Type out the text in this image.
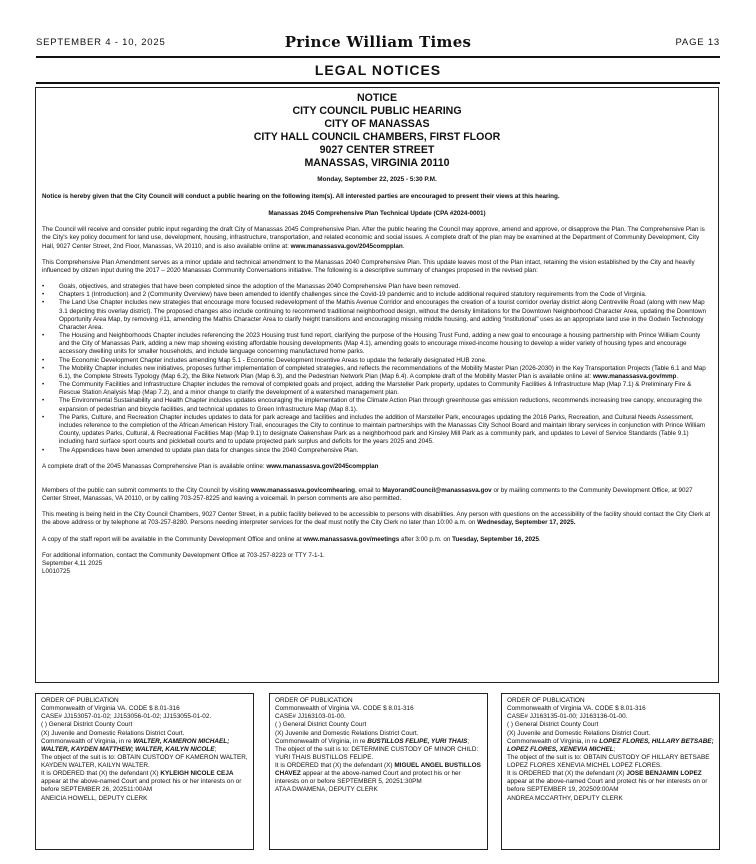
SEPTEMBER 4 - 10, 2025	Prince William Times	PAGE 13
LEGAL NOTICES
NOTICE
CITY COUNCIL PUBLIC HEARING
CITY OF MANASSAS
CITY HALL COUNCIL CHAMBERS, FIRST FLOOR
9027 CENTER STREET
MANASSAS, VIRGINIA 20110
Monday, September 22, 2025 - 5:30 P.M.

Notice is hereby given that the City Council will conduct a public hearing on the following item(s). All interested parties are encouraged to present their views at this hearing.

Manassas 2045 Comprehensive Plan Technical Update (CPA #2024-0001)

The Council will receive and consider public input regarding the draft City of Manassas 2045 Comprehensive Plan. After the public hearing the Council may approve, amend and approve, or disapprove the Plan. The Comprehensive Plan is the City's key policy document for land use, development, housing, infrastructure, transportation, and related economic and social issues. A complete draft of the plan may be examined at the Department of Community Development, City Hall, 9027 Center Street, 2nd Floor, Manassas, VA 20110, and is also available online at: www.manassasva.gov/2045compplan.

This Comprehensive Plan Amendment serves as a minor update and technical amendment to the Manassas 2040 Comprehensive Plan. This update leaves most of the Plan intact, retaining the vision established by the City and heavily influenced by citizen input during the 2017 – 2020 Manassas Community Conversations initiative. The following is a descriptive summary of changes proposed in the revised plan:

• Goals, objectives, and strategies that have been completed since the adoption of the Manassas 2040 Comprehensive Plan have been removed.
• Chapters 1 (Introduction) and 2 (Community Overview) have been amended to identify challenges since the Covid-19 pandemic and to include additional required statutory requirements from the Code of Virginia.
• The Land Use Chapter includes new strategies that encourage more focused redevelopment of the Mathis Avenue Corridor and encourages the creation of a tourist corridor overlay district along Centreville Road (along with new Map 3.1 depicting this overlay district). The proposed changes also include continuing to recommend traditional neighborhood design, without the density limitations for the Downtown Neighborhood Character Area, updating the Downtown Opportunity Area Map, by removing #11, amending the Mathis Character Area to clarify height transitions and encouraging missing middle housing, and adding “institutional” uses as an appropriate land use in the Godwin Technology Character Area.
• The Housing and Neighborhoods Chapter includes referencing the 2023 Housing trust fund report, clarifying the purpose of the Housing Trust Fund, adding a new goal to encourage a housing partnership with Prince William County and the City of Manassas Park, adding a new map showing existing affordable housing developments (Map 4.1), amending goals to encourage mixed-income housing to develop a wider variety of housing types and encourage accessory dwelling units for smaller households, and include language concerning manufactured home parks.
• The Economic Development Chapter includes amending Map 5.1 - Economic Development Incentive Areas to update the federally designated HUB zone.
• The Mobility Chapter includes new initiatives, proposes further implementation of completed strategies, and reflects the recommendations of the Mobility Master Plan (2026-2030) in the Key Transportation Projects (Table 6.1 and Map 6.1), the Complete Streets Typology (Map 6.2), the Bike Network Plan (Map 6.3), and the Pedestrian Network Plan (Map 6.4). A complete draft of the Mobility Master Plan is available online at: www.manassasva.gov/mmp.
• The Community Facilities and Infrastructure Chapter includes the removal of completed goals and project, adding the Marsteller Park property, updates to Community Facilities & Infrastructure Map (Map 7.1) & Preliminary Fire & Rescue Station Analysis Map (Map 7.2), and a minor change to clarify the development of a watershed management plan.
• The Environmental Sustainability and Health Chapter includes updates encouraging the implementation of the Climate Action Plan through greenhouse gas emission reductions, recommends increasing tree canopy, encouraging the expansion of pedestrian and bicycle facilities, and technical updates to Green Infrastructure Map (Map 8.1).
• The Parks, Culture, and Recreation Chapter includes updates to data for park acreage and facilities and includes the addition of Marsteller Park, encourages updating the 2016 Parks, Recreation, and Cultural Needs Assessment, includes reference to the completion of the African American History Trail, encourages the City to continue to maintain partnerships with the Manassas City School Board and maintain library services in conjunction with Prince William County, updates Parks, Cultural, & Recreational Facilities Map (Map 9.1) to designate Oakenshaw Park as a neighborhood park and Kinsley Mill Park as a community park, and updates to Level of Service Standards (Table 9.1) including hard surface sport courts and pickleball courts and to update projected park surplus and deficits for the years 2025 and 2045.
• The Appendices have been amended to update plan data for changes since the 2040 Comprehensive Plan.

A complete draft of the 2045 Manassas Comprehensive Plan is available online: www.manassasva.gov/2045compplan

Members of the public can submit comments to the City Council by visiting www.manassasva.gov/comhearing, email to MayorandCouncil@manassasva.gov or by mailing comments to the Community Development Office, at 9027 Center Street, Manassas, VA 20110, or by calling 703-257-8225 and leaving a voicemail. In person comments are also permitted.

This meeting is being held in the City Council Chambers, 9027 Center Street, in a public facility believed to be accessible to persons with disabilities. Any person with questions on the accessibility of the facility should contact the City Clerk at the above address or by telephone at 703-257-8280. Persons needing interpreter services for the deaf must notify the City Clerk no later than 10:00 a.m. on Wednesday, September 17, 2025.

A copy of the staff report will be available in the Community Development Office and online at www.manassasva.gov/meetings after 3:00 p.m. on Tuesday, September 16, 2025.

For additional information, contact the Community Development Office at 703-257-8223 or TTY 7-1-1.

September 4,11 2025

L0010725

ORDER OF PUBLICATION
Commonwealth of Virginia VA. CODE $ 8.01-316
CASE# JJ153057-01-02; JJ153056-01-02; JJ153055-01-02.
( ) General District County Court
(X) Juvenile and Domestic Relations District Court.
Commonwealth of Virginia, in re WALTER, KAMERON MICHAEL; WALTER, KAYDEN MATTHEW; WALTER, KAILYN NICOLE;
The object of the suit is to: OBTAIN CUSTODY OF KAMERON WALTER, KAYDEN WALTER, KAILYN WALTER.
It is ORDERED that (X) the defendant (X) KYLEIGH NICOLE CEJA appear at the above-named Court and protect his or her interests on or before SEPTEMBER 26, 202511:00AM
ANEICIA HOWELL, DEPUTY CLERK
ORDER OF PUBLICATION
Commonwealth of Virginia VA. CODE $ 8.01-316
CASE# JJ163103-01-00.
( ) General District County Court
(X) Juvenile and Domestic Relations District Court.
Commonwealth of Virginia, in re BUSTILLOS FELIPE, YURI THAIS;
The object of the suit is to: DETERMINE CUSTODY OF MINOR CHILD: YURI THAIS BUSTILLOS FELIPE.
It is ORDERED that (X) the defendant (X) MIGUEL ANGEL BUSTILLOS CHAVEZ appear at the above-named Court and protect his or her interests on or before SEPTEMBER 5, 20251:30PM
ATAA DWAMENA, DEPUTY CLERK
ORDER OF PUBLICATION
Commonwealth of Virginia VA. CODE $ 8.01-316
CASE# JJ163135-01-00; JJ163136-01-00.
( ) General District County Court
(X) Juvenile and Domestic Relations District Court.
Commonwealth of Virginia, in re LOPEZ FLORES, HILLARY BETSABE; LOPEZ FLORES, XENEVIA MICHEL;
The object of the suit is to: OBTAIN CUSTODY OF HILLARY BETSABE LOPEZ FLORES XENEVIA MICHEL LOPEZ FLORES.
It is ORDERED that (X) the defendant (X) JOSE BENJAMIN LOPEZ appear at the above-named Court and protect his or her interests on or before SEPTEMBER 19, 202509:00AM
ANDREA MCCARTHY, DEPUTY CLERK
